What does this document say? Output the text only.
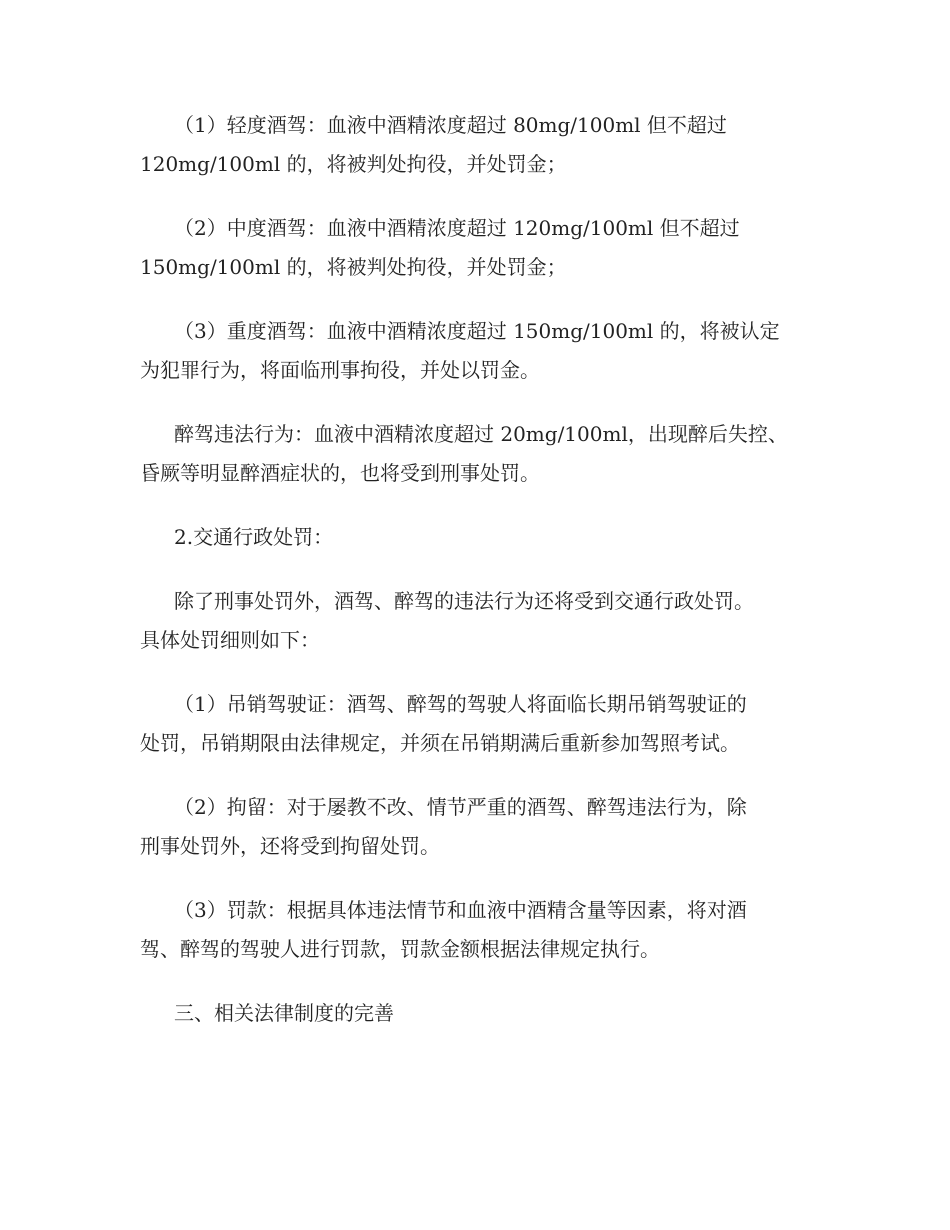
（1）轻度酒驾：血液中酒精浓度超过 80mg/100ml 但不超过
120mg/100ml 的，将被判处拘役，并处罚金；

（2）中度酒驾：血液中酒精浓度超过 120mg/100ml 但不超过
150mg/100ml 的，将被判处拘役，并处罚金；

（3）重度酒驾：血液中酒精浓度超过 150mg/100ml 的，将被认定
为犯罪行为，将面临刑事拘役，并处以罚金。

醉驾违法行为：血液中酒精浓度超过 20mg/100ml，出现醉后失控、
昏厥等明显醉酒症状的，也将受到刑事处罚。

2.交通行政处罚：

除了刑事处罚外，酒驾、醉驾的违法行为还将受到交通行政处罚。
具体处罚细则如下：

（1）吊销驾驶证：酒驾、醉驾的驾驶人将面临长期吊销驾驶证的
处罚，吊销期限由法律规定，并须在吊销期满后重新参加驾照考试。

（2）拘留：对于屡教不改、情节严重的酒驾、醉驾违法行为，除
刑事处罚外，还将受到拘留处罚。

（3）罚款：根据具体违法情节和血液中酒精含量等因素，将对酒
驾、醉驾的驾驶人进行罚款，罚款金额根据法律规定执行。

三、相关法律制度的完善
